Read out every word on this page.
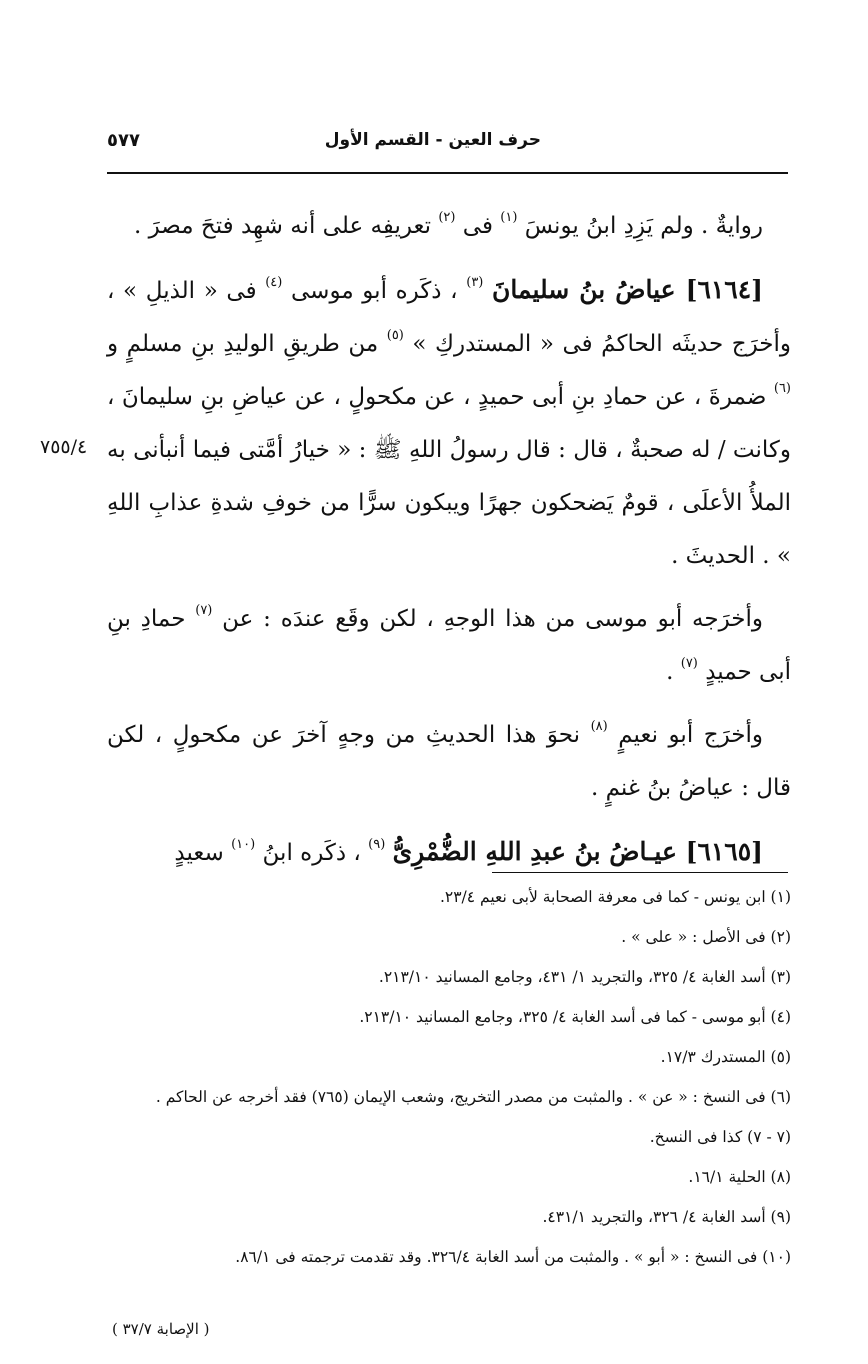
حرف العين - القسم الأول
٥٧٧
٧٥٥/٤

روايةٌ . ولم يَزِدِ ابنُ يونسَ $^{(١)}$ فى $^{(٢)}$ تعريفِه على أنه شهِد فتحَ مصرَ .

[٦١٦٤] عياضُ بنُ سليمانَ $^{(٣)}$ ، ذكَره أبو موسى $^{(٤)}$ فى « الذيلِ » ، وأخرَج حديثَه الحاكمُ فى « المستدركِ » $^{(٥)}$ من طريقِ الوليدِ بنِ مسلمٍ و $^{(٦)}$ ضمرةَ ، عن حمادِ بنِ أبى حميدٍ ، عن مكحولٍ ، عن عياضِ بنِ سليمانَ ، وكانت / له صحبةٌ ، قال : قال رسولُ اللهِ ﷺ : « خيارُ أمَّتى فيما أنبأنى به الملأُ الأعلَى ، قومٌ يَضحكون جهرًا ويبكون سرًّا من خوفِ شدةِ عذابِ اللهِ » . الحديثَ .

وأخرَجه أبو موسى من هذا الوجهِ ، لكن وقَع عندَه : عن $^{(٧)}$ حمادِ بنِ أبى حميدٍ $^{(٧)}$ .

وأخرَج أبو نعيمٍ $^{(٨)}$ نحوَ هذا الحديثِ من وجهٍ آخرَ عن مكحولٍ ، لكن قال : عياضُ بنُ غنمٍ .

[٦١٦٥] عيـاضُ بنُ عبدِ اللهِ الضُّمْرِىُّ $^{(٩)}$ ، ذكَره ابنُ $^{(١٠)}$ سعيدٍ

(١) ابن يونس - كما فى معرفة الصحابة لأبى نعيم ٢٣/٤.
(٢) فى الأصل : « على » .
(٣) أسد الغابة ٤/ ٣٢٥، والتجريد ١/ ٤٣١، وجامع المسانيد ٢١٣/١٠.
(٤) أبو موسى - كما فى أسد الغابة ٤/ ٣٢٥، وجامع المسانيد ٢١٣/١٠.
(٥) المستدرك ١٧/٣.
(٦) فى النسخ : « عن » . والمثبت من مصدر التخريج، وشعب الإيمان (٧٦٥) فقد أخرجه عن الحاكم .
(٧ - ٧) كذا فى النسخ.
(٨) الحلية ١٦/١.
(٩) أسد الغابة ٤/ ٣٢٦، والتجريد ٤٣١/١.
(١٠) فى النسخ : « أبو » . والمثبت من أسد الغابة ٣٢٦/٤. وقد تقدمت ترجمته فى ٨٦/١.
( الإصابة ٣٧/٧ )
